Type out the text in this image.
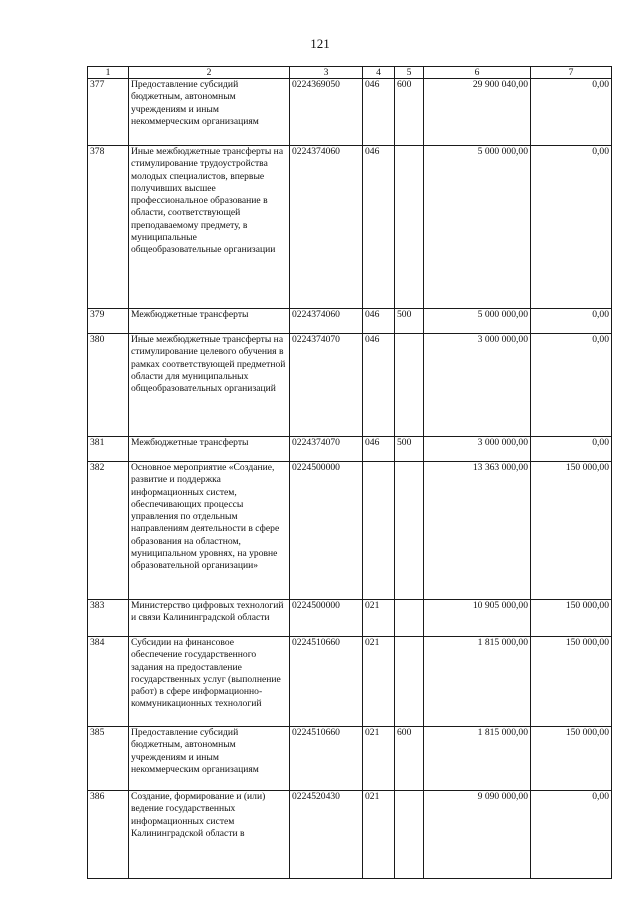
121
1	2	3	4	5	6	7
377	Предоставление субсидий бюджетным, автономным учреждениям и иным некоммерческим организациям	0224369050	046	600	29 900 040,00	0,00
378	Иные межбюджетные трансферты на стимулирование трудоустройства молодых специалистов, впервые получивших высшее профессиональное образование в области, соответствующей преподаваемому предмету, в муниципальные общеобразовательные организации	0224374060	046		5 000 000,00	0,00
379	Межбюджетные трансферты	0224374060	046	500	5 000 000,00	0,00
380	Иные межбюджетные трансферты на стимулирование целевого обучения в рамках соответствующей предметной области для муниципальных общеобразовательных организаций	0224374070	046		3 000 000,00	0,00
381	Межбюджетные трансферты	0224374070	046	500	3 000 000,00	0,00
382	Основное мероприятие «Создание, развитие и поддержка информационных систем, обеспечивающих процессы управления по отдельным направлениям деятельности в сфере образования на областном, муниципальном уровнях, на уровне образовательной организации»	0224500000			13 363 000,00	150 000,00
383	Министерство цифровых технологий и связи Калининградской области	0224500000	021		10 905 000,00	150 000,00
384	Субсидии на финансовое обеспечение государственного задания на предоставление государственных услуг (выполнение работ) в сфере информационно-коммуникационных технологий	0224510660	021		1 815 000,00	150 000,00
385	Предоставление субсидий бюджетным, автономным учреждениям и иным некоммерческим организациям	0224510660	021	600	1 815 000,00	150 000,00
386	Создание, формирование и (или) ведение государственных информационных систем Калининградской области в	0224520430	021		9 090 000,00	0,00
